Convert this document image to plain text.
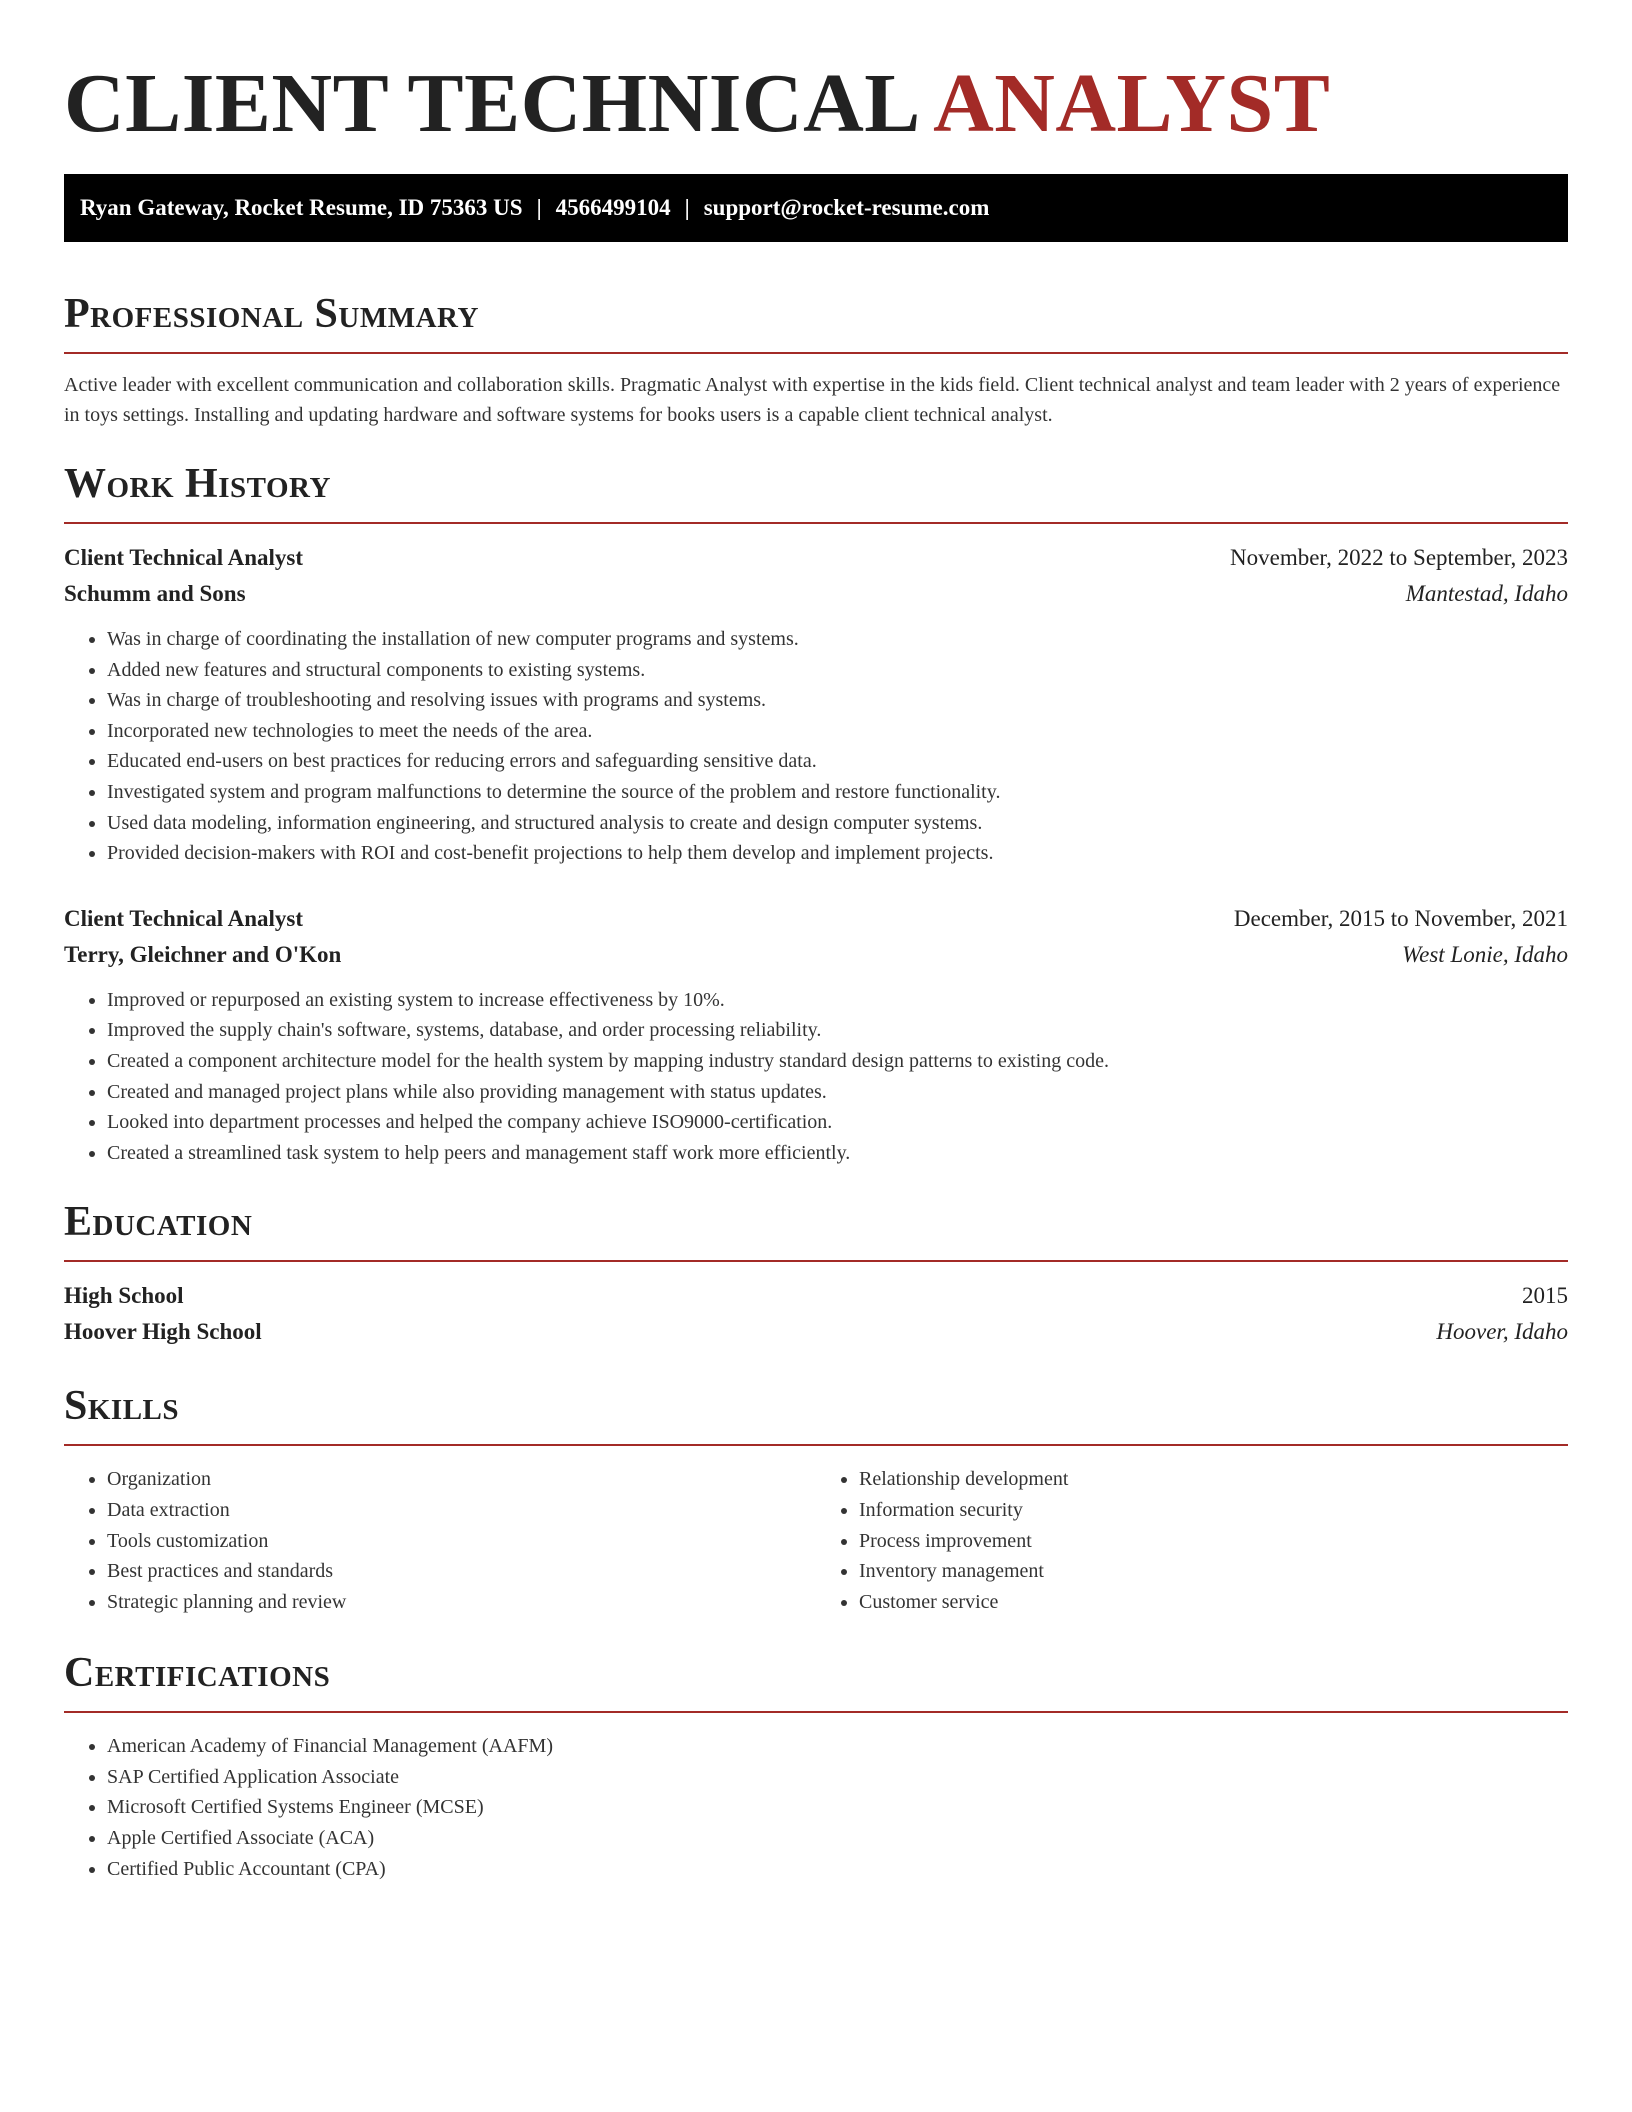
CLIENT TECHNICAL ANALYST
Ryan Gateway, Rocket Resume, ID 75363 US | 4566499104 | support@rocket-resume.com
Professional Summary
Active leader with excellent communication and collaboration skills. Pragmatic Analyst with expertise in the kids field. Client technical analyst and team leader with 2 years of experience in toys settings. Installing and updating hardware and software systems for books users is a capable client technical analyst.
Work History
Client Technical Analyst	November, 2022 to September, 2023
Schumm and Sons	Mantestad, Idaho
• Was in charge of coordinating the installation of new computer programs and systems.
• Added new features and structural components to existing systems.
• Was in charge of troubleshooting and resolving issues with programs and systems.
• Incorporated new technologies to meet the needs of the area.
• Educated end-users on best practices for reducing errors and safeguarding sensitive data.
• Investigated system and program malfunctions to determine the source of the problem and restore functionality.
• Used data modeling, information engineering, and structured analysis to create and design computer systems.
• Provided decision-makers with ROI and cost-benefit projections to help them develop and implement projects.
Client Technical Analyst	December, 2015 to November, 2021
Terry, Gleichner and O'Kon	West Lonie, Idaho
• Improved or repurposed an existing system to increase effectiveness by 10%.
• Improved the supply chain's software, systems, database, and order processing reliability.
• Created a component architecture model for the health system by mapping industry standard design patterns to existing code.
• Created and managed project plans while also providing management with status updates.
• Looked into department processes and helped the company achieve ISO9000-certification.
• Created a streamlined task system to help peers and management staff work more efficiently.
Education
High School	2015
Hoover High School	Hoover, Idaho
Skills
• Organization
• Data extraction
• Tools customization
• Best practices and standards
• Strategic planning and review
• Relationship development
• Information security
• Process improvement
• Inventory management
• Customer service
Certifications
• American Academy of Financial Management (AAFM)
• SAP Certified Application Associate
• Microsoft Certified Systems Engineer (MCSE)
• Apple Certified Associate (ACA)
• Certified Public Accountant (CPA)
